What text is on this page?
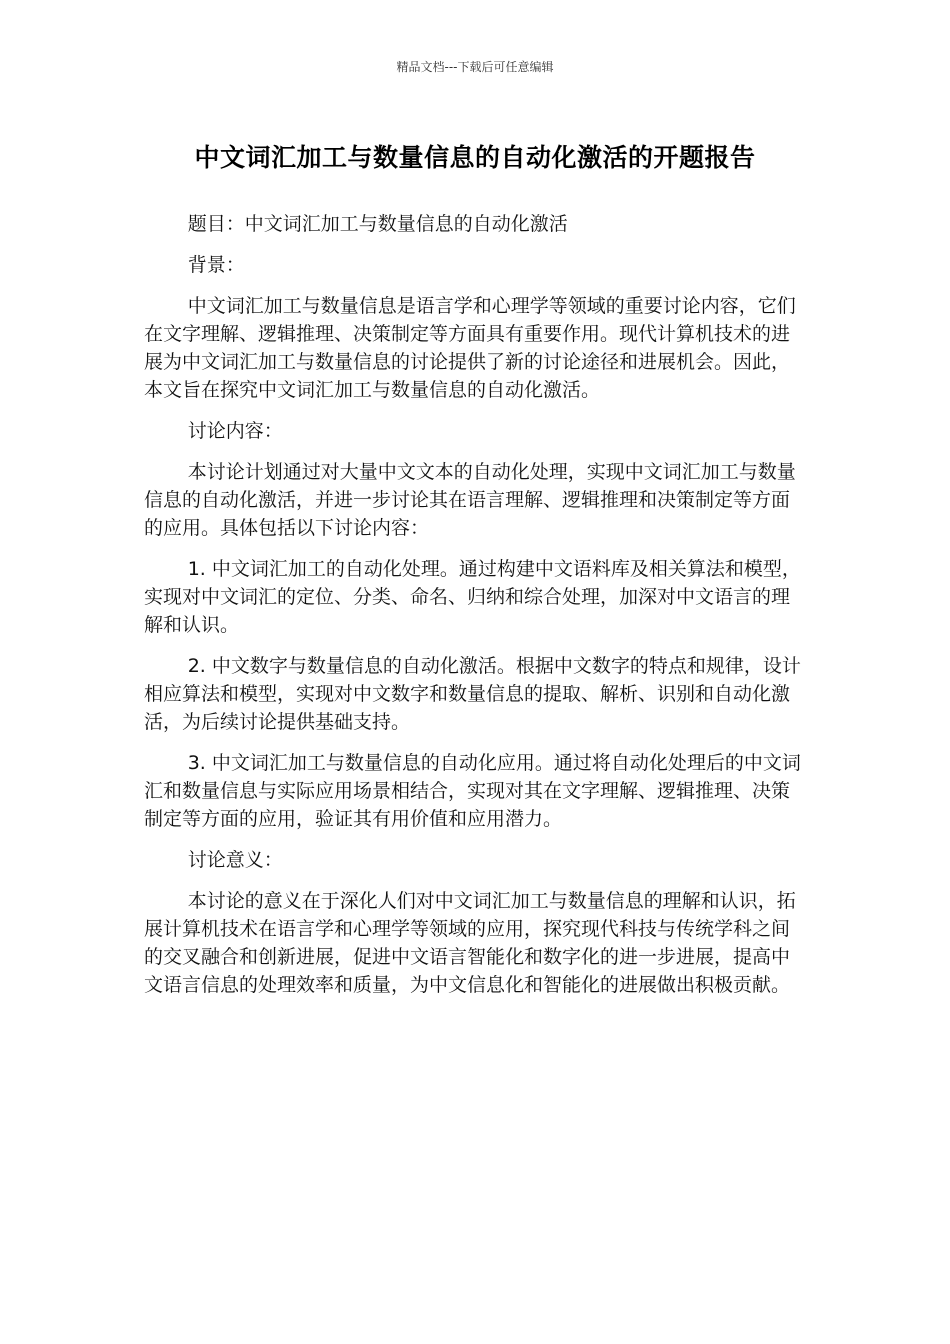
精品文档---下载后可任意编辑
中文词汇加工与数量信息的自动化激活的开题报告

题目：中文词汇加工与数量信息的自动化激活

背景：

中文词汇加工与数量信息是语言学和心理学等领域的重要讨论内容，它们在文字理解、逻辑推理、决策制定等方面具有重要作用。现代计算机技术的进展为中文词汇加工与数量信息的讨论提供了新的讨论途径和进展机会。因此，本文旨在探究中文词汇加工与数量信息的自动化激活。

讨论内容：

本讨论计划通过对大量中文文本的自动化处理，实现中文词汇加工与数量信息的自动化激活，并进一步讨论其在语言理解、逻辑推理和决策制定等方面的应用。具体包括以下讨论内容：

1. 中文词汇加工的自动化处理。通过构建中文语料库及相关算法和模型，实现对中文词汇的定位、分类、命名、归纳和综合处理，加深对中文语言的理解和认识。

2. 中文数字与数量信息的自动化激活。根据中文数字的特点和规律，设计相应算法和模型，实现对中文数字和数量信息的提取、解析、识别和自动化激活，为后续讨论提供基础支持。

3. 中文词汇加工与数量信息的自动化应用。通过将自动化处理后的中文词汇和数量信息与实际应用场景相结合，实现对其在文字理解、逻辑推理、决策制定等方面的应用，验证其有用价值和应用潜力。

讨论意义：

本讨论的意义在于深化人们对中文词汇加工与数量信息的理解和认识，拓展计算机技术在语言学和心理学等领域的应用，探究现代科技与传统学科之间的交叉融合和创新进展，促进中文语言智能化和数字化的进一步进展，提高中文语言信息的处理效率和质量，为中文信息化和智能化的进展做出积极贡献。
